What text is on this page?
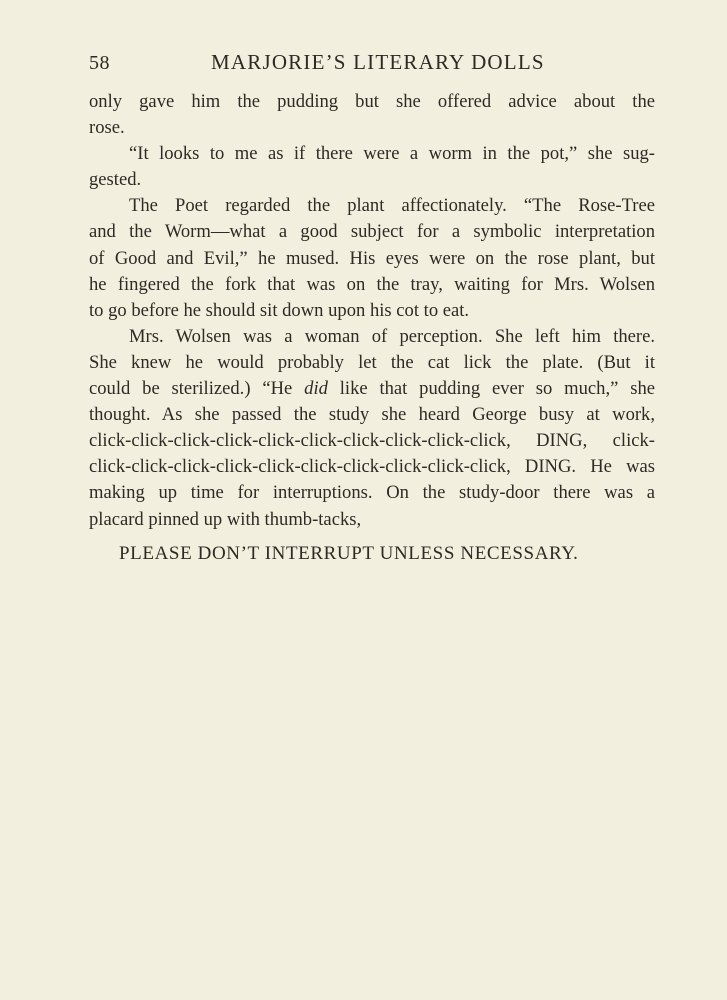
58	MARJORIE’S LITERARY DOLLS
only gave him the pudding but she offered advice about the
rose.
“It looks to me as if there were a worm in the pot,” she sug-
gested.
The Poet regarded the plant affectionately. “The Rose-Tree
and the Worm—what a good subject for a symbolic interpretation
of Good and Evil,” he mused. His eyes were on the rose plant, but
he fingered the fork that was on the tray, waiting for Mrs. Wolsen
to go before he should sit down upon his cot to eat.
Mrs. Wolsen was a woman of perception. She left him there.
She knew he would probably let the cat lick the plate. (But it
could be sterilized.) “He did like that pudding ever so much,” she
thought. As she passed the study she heard George busy at work,
click-click-click-click-click-click-click-click-click-click, DING, click-
click-click-click-click-click-click-click-click-click-click, DING. He was
making up time for interruptions. On the study-door there was a
placard pinned up with thumb-tacks,
PLEASE DON’T INTERRUPT UNLESS NECESSARY.
